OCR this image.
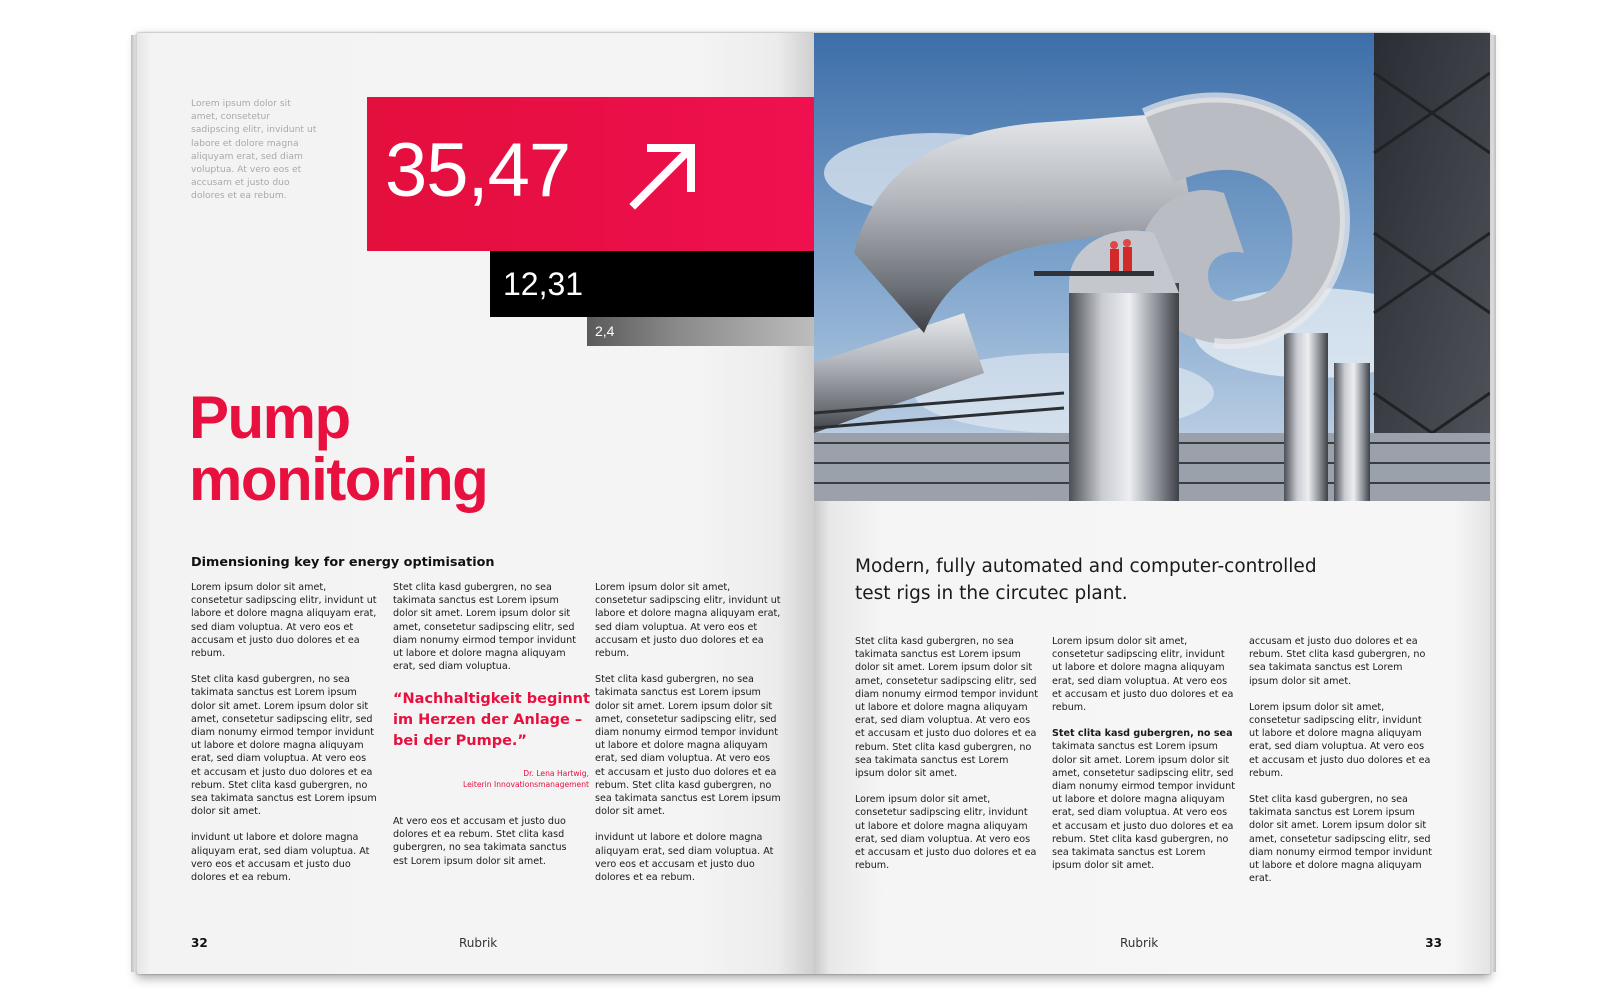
Lorem ipsum dolor sit amet, consetetur sadipscing elitr, invidunt ut labore et dolore magna aliquyam erat, sed diam voluptua. At vero eos et accusam et justo duo dolores et ea rebum.	35,47
12,31
2,4
Pump
monitoring
Dimensioning key for energy optimisation

Lorem ipsum dolor sit amet, consetetur sadipscing elitr, invidunt ut labore et dolore magna aliquyam erat, sed diam voluptua. At vero eos et accusam et justo duo dolores et ea rebum.

Stet clita kasd gubergren, no sea takimata sanctus est Lorem ipsum dolor sit amet. Lorem ipsum dolor sit amet, consetetur sadipscing elitr, sed diam nonumy eirmod tempor invidunt ut labore et dolore magna aliquyam erat, sed diam voluptua. At vero eos et accusam et justo duo dolores et ea rebum. Stet clita kasd gubergren, no sea takimata sanctus est Lorem ipsum dolor sit amet.

invidunt ut labore et dolore magna aliquyam erat, sed diam voluptua. At vero eos et accusam et justo duo dolores et ea rebum.

Stet clita kasd gubergren, no sea takimata sanctus est Lorem ipsum dolor sit amet. Lorem ipsum dolor sit amet, consetetur sadipscing elitr, sed diam nonumy eirmod tempor invidunt ut labore et dolore magna aliquyam erat, sed diam voluptua.

“Nachhaltigkeit beginnt im Herzen der Anlage – bei der Pumpe.”
Dr. Lena Hartwig,
Leiterin Innovationsmanagement
At vero eos et accusam et justo duo dolores et ea rebum. Stet clita kasd gubergren, no sea takimata sanctus est Lorem ipsum dolor sit amet.

Lorem ipsum dolor sit amet, consetetur sadipscing elitr, invidunt ut labore et dolore magna aliquyam erat, sed diam voluptua. At vero eos et accusam et justo duo dolores et ea rebum.

Stet clita kasd gubergren, no sea takimata sanctus est Lorem ipsum dolor sit amet. Lorem ipsum dolor sit amet, consetetur sadipscing elitr, sed diam nonumy eirmod tempor invidunt ut labore et dolore magna aliquyam erat, sed diam voluptua. At vero eos et accusam et justo duo dolores et ea rebum. Stet clita kasd gubergren, no sea takimata sanctus est Lorem ipsum dolor sit amet.

invidunt ut labore et dolore magna aliquyam erat, sed diam voluptua. At vero eos et accusam et justo duo dolores et ea rebum.

32	Rubrik
Modern, fully automated and computer-controlled test rigs in the circutec plant.

Stet clita kasd gubergren, no sea takimata sanctus est Lorem ipsum dolor sit amet. Lorem ipsum dolor sit amet, consetetur sadipscing elitr, sed diam nonumy eirmod tempor invidunt ut labore et dolore magna aliquyam erat, sed diam voluptua. At vero eos et accusam et justo duo dolores et ea rebum. Stet clita kasd gubergren, no sea takimata sanctus est Lorem ipsum dolor sit amet.

Lorem ipsum dolor sit amet, consetetur sadipscing elitr, invidunt ut labore et dolore magna aliquyam erat, sed diam voluptua. At vero eos et accusam et justo duo dolores et ea rebum.

Lorem ipsum dolor sit amet, consetetur sadipscing elitr, invidunt ut labore et dolore magna aliquyam erat, sed diam voluptua. At vero eos et accusam et justo duo dolores et ea rebum.

Stet clita kasd gubergren, no sea

takimata sanctus est Lorem ipsum dolor sit amet. Lorem ipsum dolor sit amet, consetetur sadipscing elitr, sed diam nonumy eirmod tempor invidunt ut labore et dolore magna aliquyam erat, sed diam voluptua. At vero eos et accusam et justo duo dolores et ea rebum. Stet clita kasd gubergren, no sea takimata sanctus est Lorem ipsum dolor sit amet.

accusam et justo duo dolores et ea rebum. Stet clita kasd gubergren, no sea takimata sanctus est Lorem ipsum dolor sit amet.

Lorem ipsum dolor sit amet, consetetur sadipscing elitr, invidunt ut labore et dolore magna aliquyam erat, sed diam voluptua. At vero eos et accusam et justo duo dolores et ea rebum.

Stet clita kasd gubergren, no sea takimata sanctus est Lorem ipsum dolor sit amet. Lorem ipsum dolor sit amet, consetetur sadipscing elitr, sed diam nonumy eirmod tempor invidunt ut labore et dolore magna aliquyam erat.

Rubrik	33
